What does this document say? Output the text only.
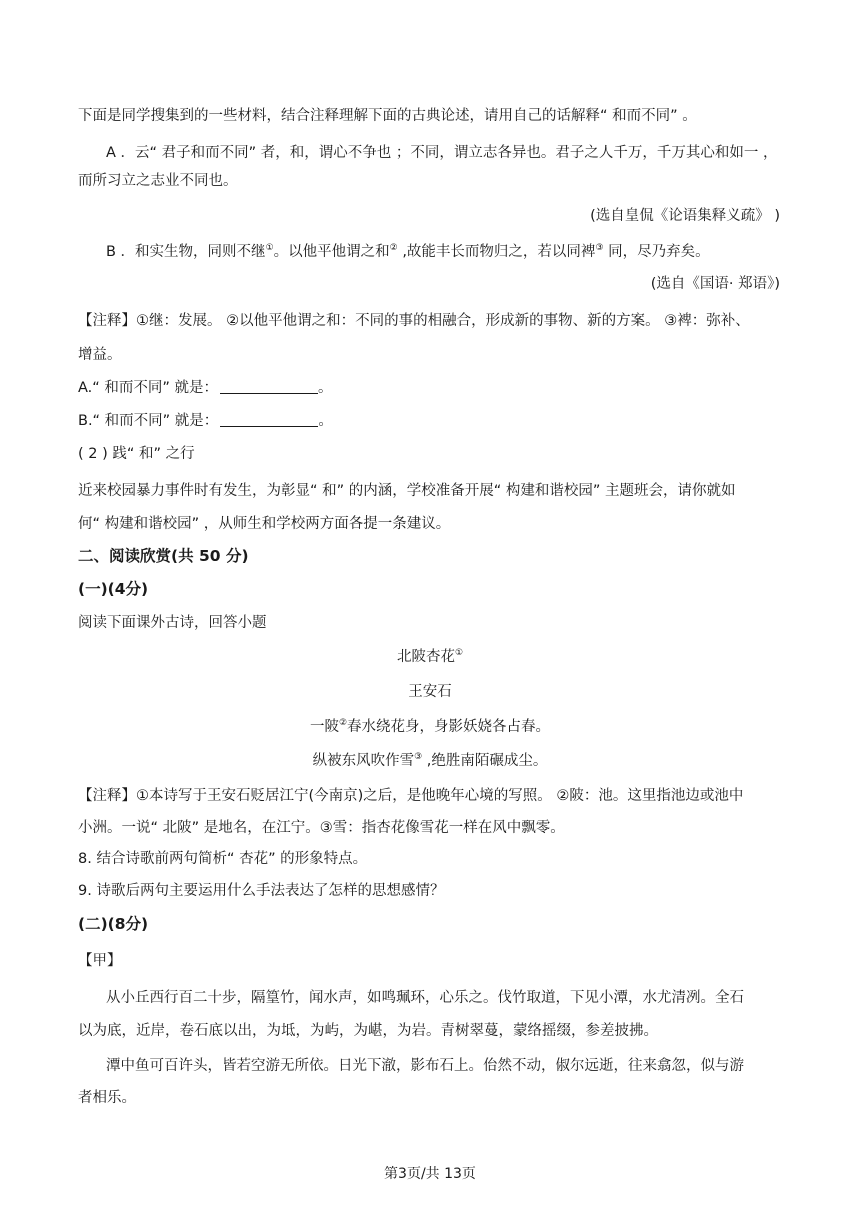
下面是同学搜集到的一些材料，结合注释理解下面的古典论述，请用自己的话解释“ 和而不同” 。
A ．云“ 君子和而不同” 者，和，谓心不争也 ；不同，谓立志各异也。君子之人千万，千万其心和如一 ，
而所习立之志业不同也。
(选自皇侃《论语集释义疏》 )
B ．和实生物，同则不继①。以他平他谓之和② ,故能丰长而物归之，若以同裨③ 同，尽乃弃矣。
(选自《国语· 郑语》)
【注释】①继：发展。 ②以他平他谓之和：不同的事的相融合，形成新的事物、新的方案。 ③裨：弥补、
增益。
A.“ 和而不同” 就是：	。
B.“ 和而不同” 就是：	。
( 2 ) 践“ 和” 之行
近来校园暴力事件时有发生，为彰显“ 和” 的内涵，学校准备开展“ 构建和谐校园” 主题班会，请你就如
何“ 构建和谐校园” ，从师生和学校两方面各提一条建议。
二、阅读欣赏(共 50 分)
(一)(4分)
阅读下面课外古诗，回答小题
北陂杏花①
王安石
一陂②春水绕花身，身影妖娆各占春。
纵被东风吹作雪③ ,绝胜南陌碾成尘。
【注释】①本诗写于王安石贬居江宁(今南京)之后，是他晚年心境的写照。 ②陂：池。这里指池边或池中
小洲。一说“ 北陂” 是地名，在江宁。③雪：指杏花像雪花一样在风中飘零。
8. 结合诗歌前两句简析“ 杏花” 的形象特点。
9. 诗歌后两句主要运用什么手法表达了怎样的思想感情？
(二)(8分)
【甲】
从小丘西行百二十步，隔篁竹，闻水声，如鸣珮环，心乐之。伐竹取道，下见小潭，水尤清冽。全石
以为底，近岸，卷石底以出，为坻，为屿，为嵁，为岩。青树翠蔓，蒙络摇缀，参差披拂。
潭中鱼可百许头，皆若空游无所依。日光下澈，影布石上。佁然不动，俶尔远逝，往来翕忽，似与游
者相乐。
第3页/共 13页
